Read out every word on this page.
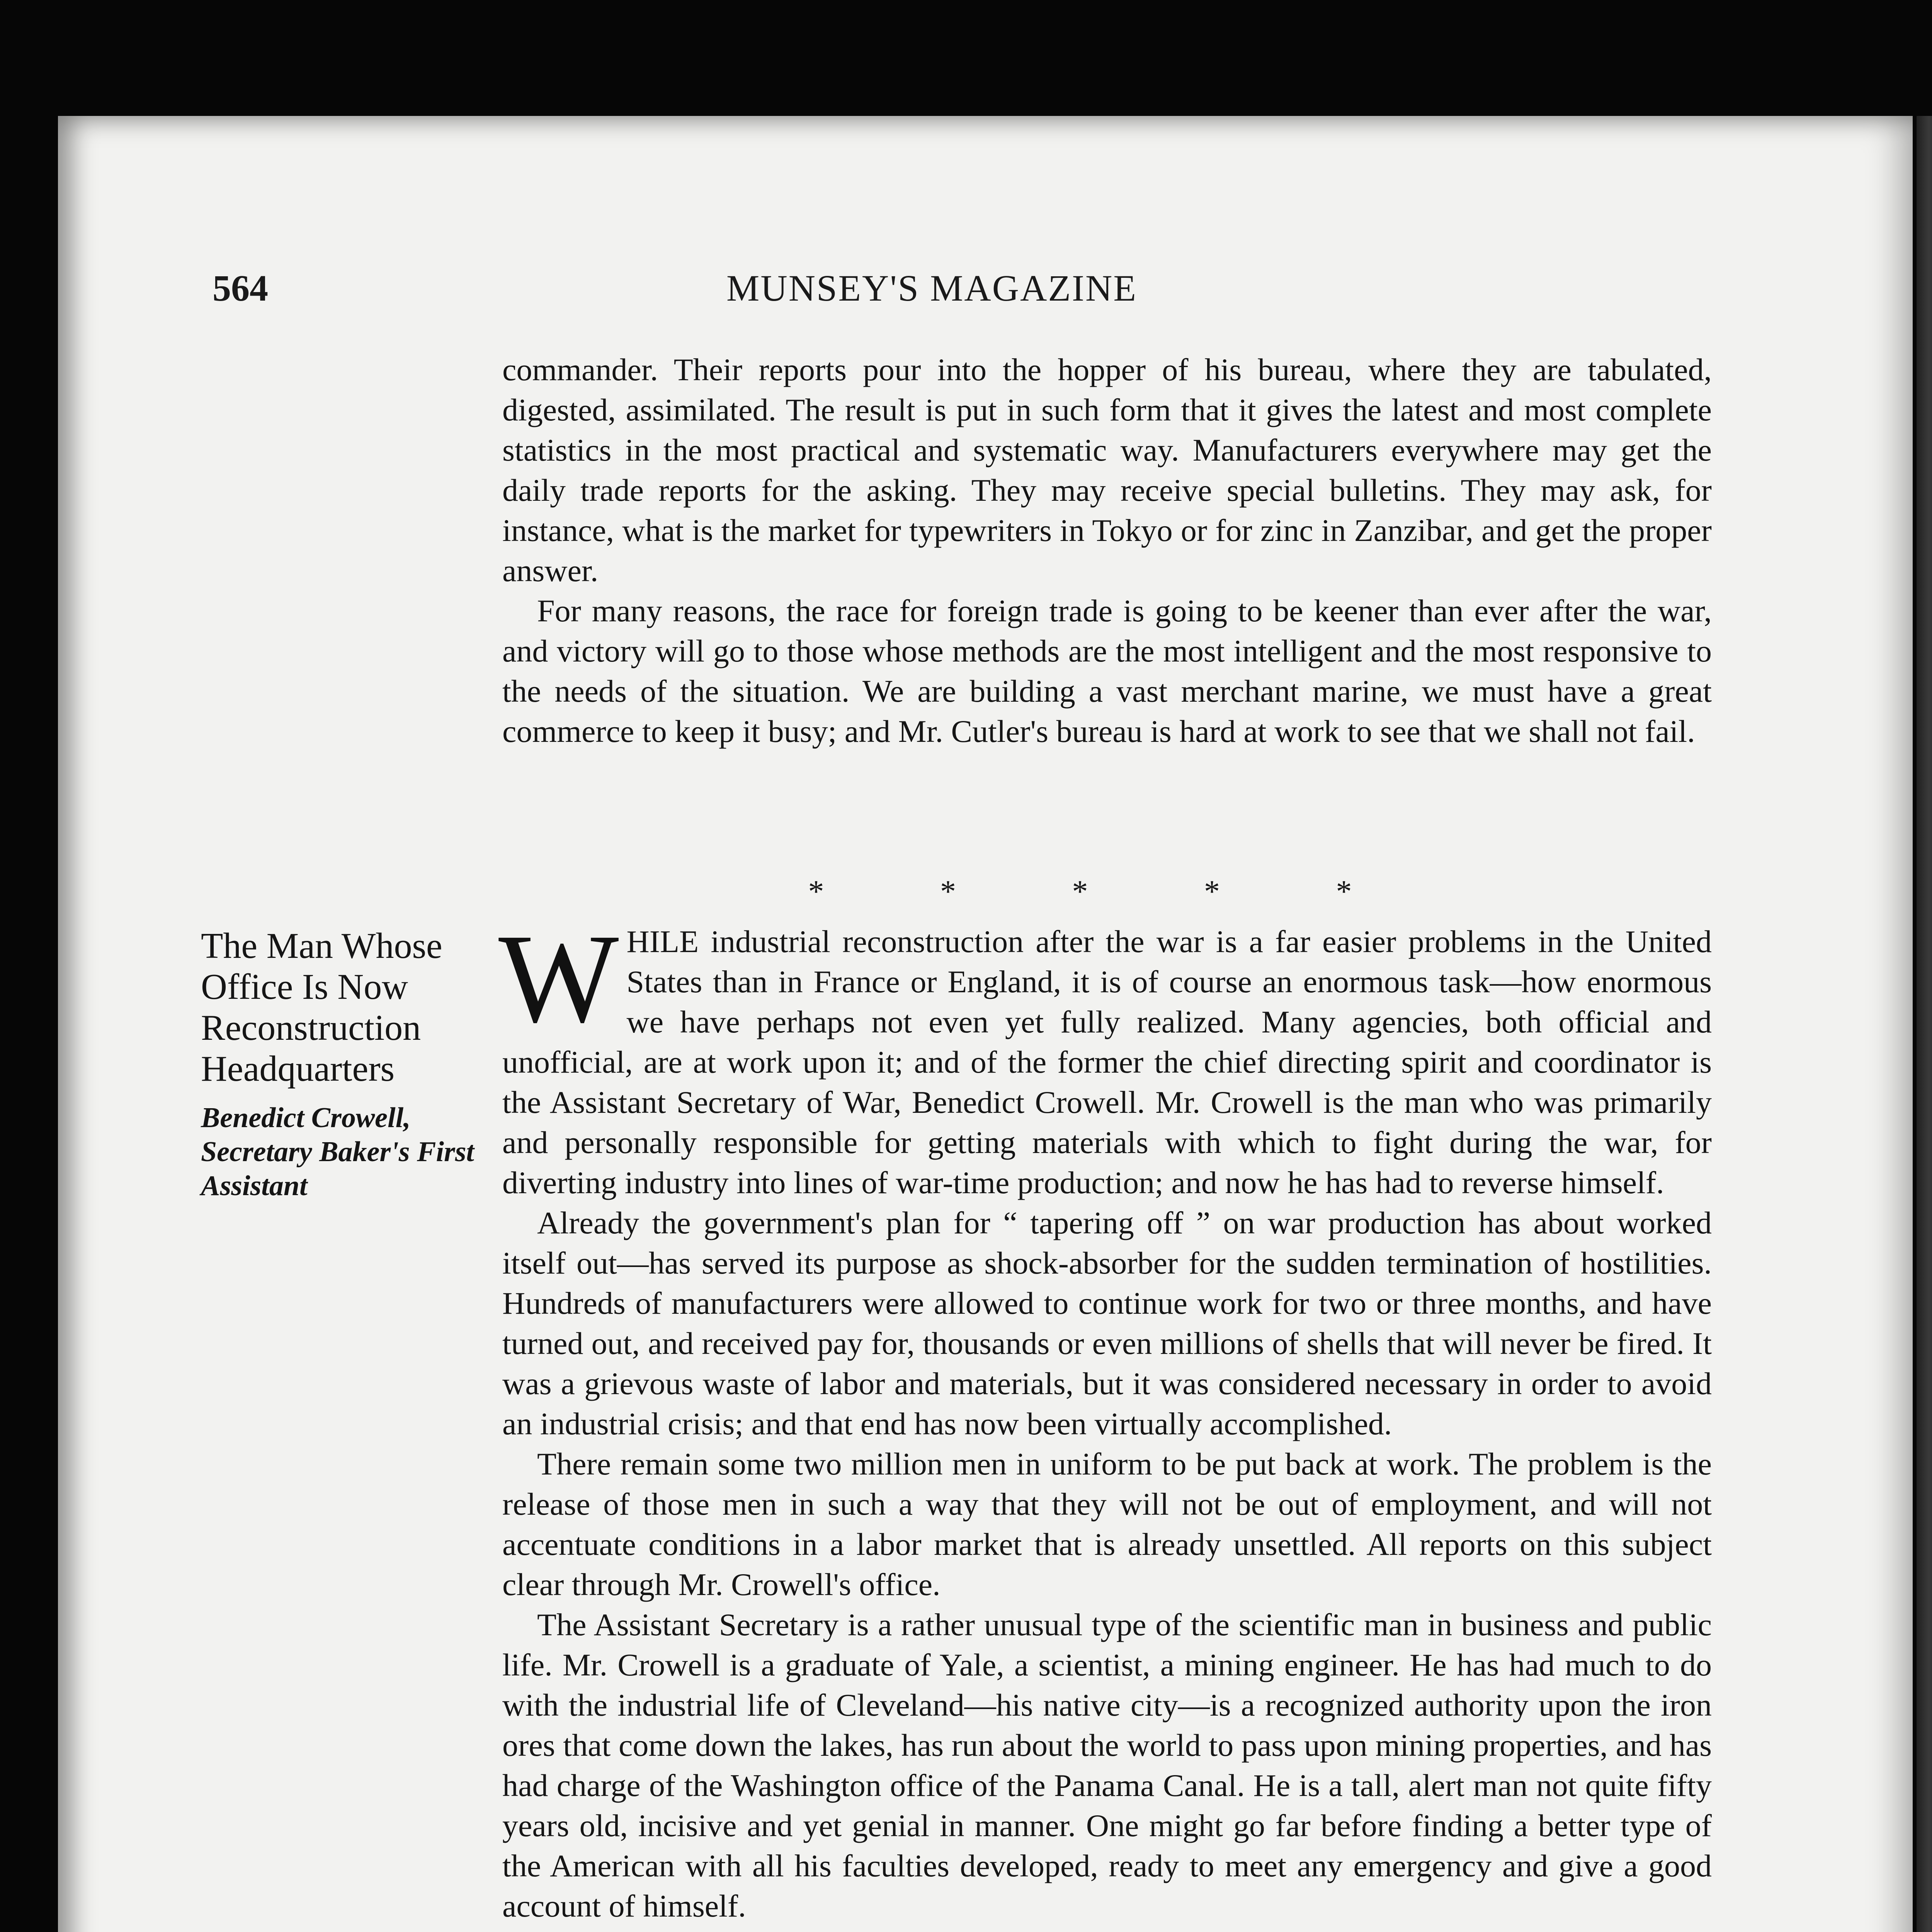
564	MUNSEY'S MAGAZINE

commander. Their reports pour into the hopper of his bureau, where they are tabulated, digested, assimilated. The result is put in such form that it gives the latest and most complete statistics in the most practical and systematic way. Manufacturers everywhere may get the daily trade reports for the asking. They may receive special bulletins. They may ask, for instance, what is the market for typewriters in Tokyo or for zinc in Zanzibar, and get the proper answer.

For many reasons, the race for foreign trade is going to be keener than ever after the war, and victory will go to those whose methods are the most intelligent and the most responsive to the needs of the situation. We are building a vast merchant marine, we must have a great commerce to keep it busy; and Mr. Cutler's bureau is hard at work to see that we shall not fail.

* * * * *
The Man Whose Office Is Now Reconstruction Headquarters
Benedict Crowell, Secretary Baker's First Assistant

WHILE industrial reconstruction after the war is a far easier problems in the United States than in France or England, it is of course an enormous task—how enormous we have perhaps not even yet fully realized. Many agencies, both official and unofficial, are at work upon it; and of the former the chief directing spirit and coordinator is the Assistant Secretary of War, Benedict Crowell. Mr. Crowell is the man who was primarily and personally responsible for getting materials with which to fight during the war, for diverting industry into lines of war-time production; and now he has had to reverse himself.

Already the government's plan for “ tapering off ” on war production has about worked itself out—has served its purpose as shock-absorber for the sudden termination of hostilities. Hundreds of manufacturers were allowed to continue work for two or three months, and have turned out, and received pay for, thousands or even millions of shells that will never be fired. It was a grievous waste of labor and materials, but it was considered necessary in order to avoid an industrial crisis; and that end has now been virtually accomplished.

There remain some two million men in uniform to be put back at work. The problem is the release of those men in such a way that they will not be out of employment, and will not accentuate conditions in a labor market that is already unsettled. All reports on this subject clear through Mr. Crowell's office.

The Assistant Secretary is a rather unusual type of the scientific man in business and public life. Mr. Crowell is a graduate of Yale, a scientist, a mining engineer. He has had much to do with the industrial life of Cleveland—his native city—is a recognized authority upon the iron ores that come down the lakes, has run about the world to pass upon mining properties, and has had charge of the Washington office of the Panama Canal. He is a tall, alert man not quite fifty years old, incisive and yet genial in manner. One might go far before finding a better type of the American with all his faculties developed, ready to meet any emergency and give a good account of himself.
